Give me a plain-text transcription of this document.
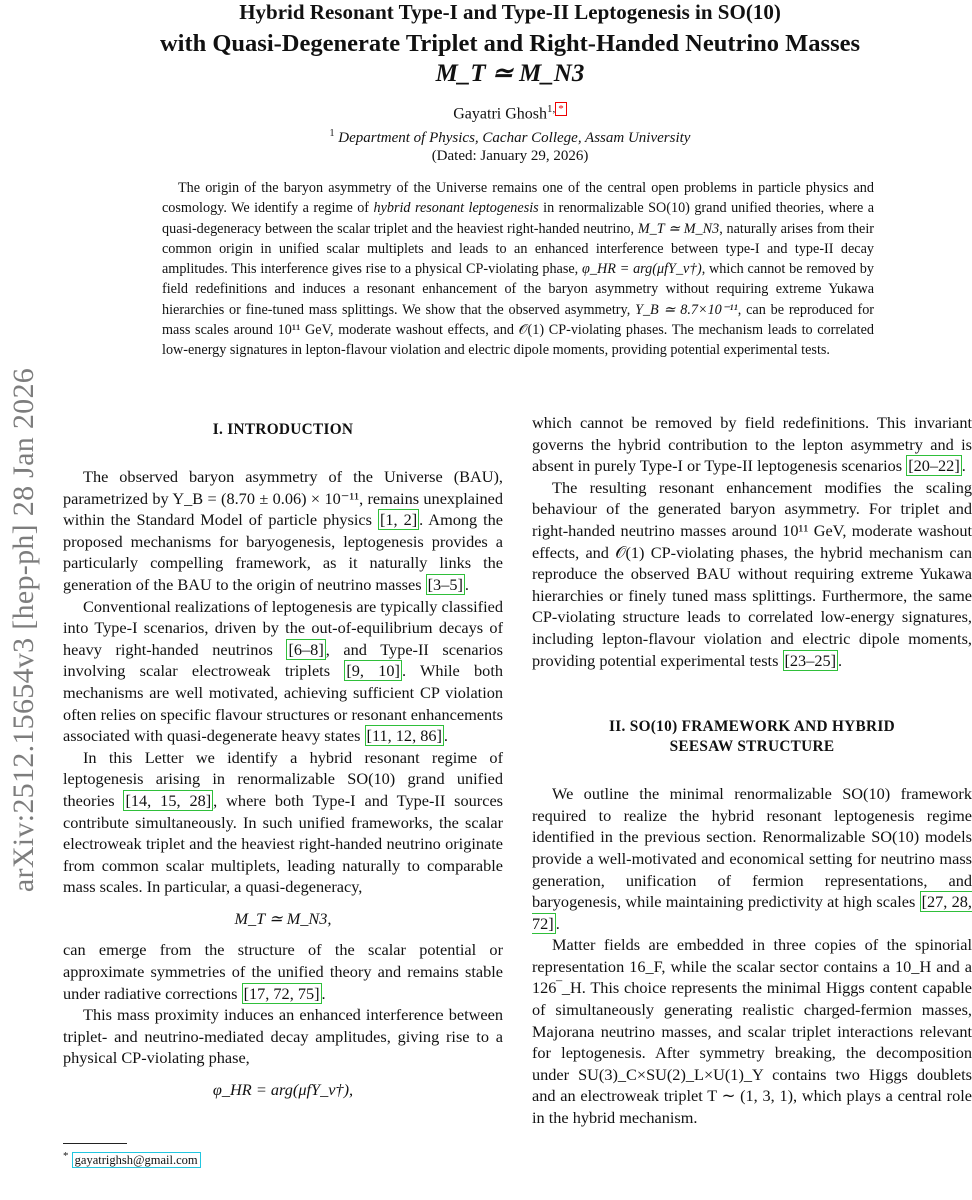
arXiv:2512.15654v3 [hep-ph] 28 Jan 2026
Hybrid Resonant Type-I and Type-II Leptogenesis in SO(10)
with Quasi-Degenerate Triplet and Right-Handed Neutrino Masses
M_T ≃ M_N3
Gayatri Ghosh$^{1,}$ *
$^1$ Department of Physics, Cachar College, Assam University
(Dated: January 29, 2026)
The origin of the baryon asymmetry of the Universe remains one of the central open problems in particle physics and cosmology. We identify a regime of hybrid resonant leptogenesis in renormalizable SO(10) grand unified theories, where a quasi-degeneracy between the scalar triplet and the heaviest right-handed neutrino, M_T ≃ M_N3, naturally arises from their common origin in unified scalar multiplets and leads to an enhanced interference between type-I and type-II decay amplitudes. This interference gives rise to a physical CP-violating phase, φ_HR = arg(μfY_ν†), which cannot be removed by field redefinitions and induces a resonant enhancement of the baryon asymmetry without requiring extreme Yukawa hierarchies or fine-tuned mass splittings. We show that the observed asymmetry, Y_B ≃ 8.7×10⁻¹¹, can be reproduced for mass scales around 10¹¹ GeV, moderate washout effects, and 𝒪(1) CP-violating phases. The mechanism leads to correlated low-energy signatures in lepton-flavour violation and electric dipole moments, providing potential experimental tests.
I. INTRODUCTION

The observed baryon asymmetry of the Universe (BAU), parametrized by Y_B = (8.70 ± 0.06) × 10⁻¹¹, remains unexplained within the Standard Model of particle physics [1, 2] . Among the proposed mechanisms for baryogenesis, leptogenesis provides a particularly compelling framework, as it naturally links the generation of the BAU to the origin of neutrino masses [3–5] .

Conventional realizations of leptogenesis are typically classified into Type-I scenarios, driven by the out-of-equilibrium decays of heavy right-handed neutrinos [6–8] , and Type-II scenarios involving scalar electroweak triplets [9, 10] . While both mechanisms are well motivated, achieving sufficient CP violation often relies on specific flavour structures or resonant enhancements associated with quasi-degenerate heavy states [11, 12, 86] .

In this Letter we identify a hybrid resonant regime of leptogenesis arising in renormalizable SO(10) grand unified theories [14, 15, 28] , where both Type-I and Type-II sources contribute simultaneously. In such unified frameworks, the scalar electroweak triplet and the heaviest right-handed neutrino originate from common scalar multiplets, leading naturally to comparable mass scales. In particular, a quasi-degeneracy,

M_T ≃ M_N3,

can emerge from the structure of the scalar potential or approximate symmetries of the unified theory and remains stable under radiative corrections [17, 72, 75] .

This mass proximity induces an enhanced interference between triplet- and neutrino-mediated decay amplitudes, giving rise to a physical CP-violating phase,

φ_HR = arg(μfY_ν†),

which cannot be removed by field redefinitions. This invariant governs the hybrid contribution to the lepton asymmetry and is absent in purely Type-I or Type-II leptogenesis scenarios [20–22] .

The resulting resonant enhancement modifies the scaling behaviour of the generated baryon asymmetry. For triplet and right-handed neutrino masses around 10¹¹ GeV, moderate washout effects, and 𝒪(1) CP-violating phases, the hybrid mechanism can reproduce the observed BAU without requiring extreme Yukawa hierarchies or finely tuned mass splittings. Furthermore, the same CP-violating structure leads to correlated low-energy signatures, including lepton-flavour violation and electric dipole moments, providing potential experimental tests [23–25] .

II. SO(10) FRAMEWORK AND HYBRID
SEESAW STRUCTURE

We outline the minimal renormalizable SO(10) framework required to realize the hybrid resonant leptogenesis regime identified in the previous section. Renormalizable SO(10) models provide a well-motivated and economical setting for neutrino mass generation, unification of fermion representations, and baryogenesis, while maintaining predictivity at high scales [27, 28, 72] .

Matter fields are embedded in three copies of the spinorial representation 16_F, while the scalar sector contains a 10_H and a 126‾_H. This choice represents the minimal Higgs content capable of simultaneously generating realistic charged-fermion masses, Majorana neutrino masses, and scalar triplet interactions relevant for leptogenesis. After symmetry breaking, the decomposition under SU(3)_C×SU(2)_L×U(1)_Y contains two Higgs doublets and an electroweak triplet T ∼ (1, 3, 1), which plays a central role in the hybrid mechanism.

* gayatrighsh@gmail.com
